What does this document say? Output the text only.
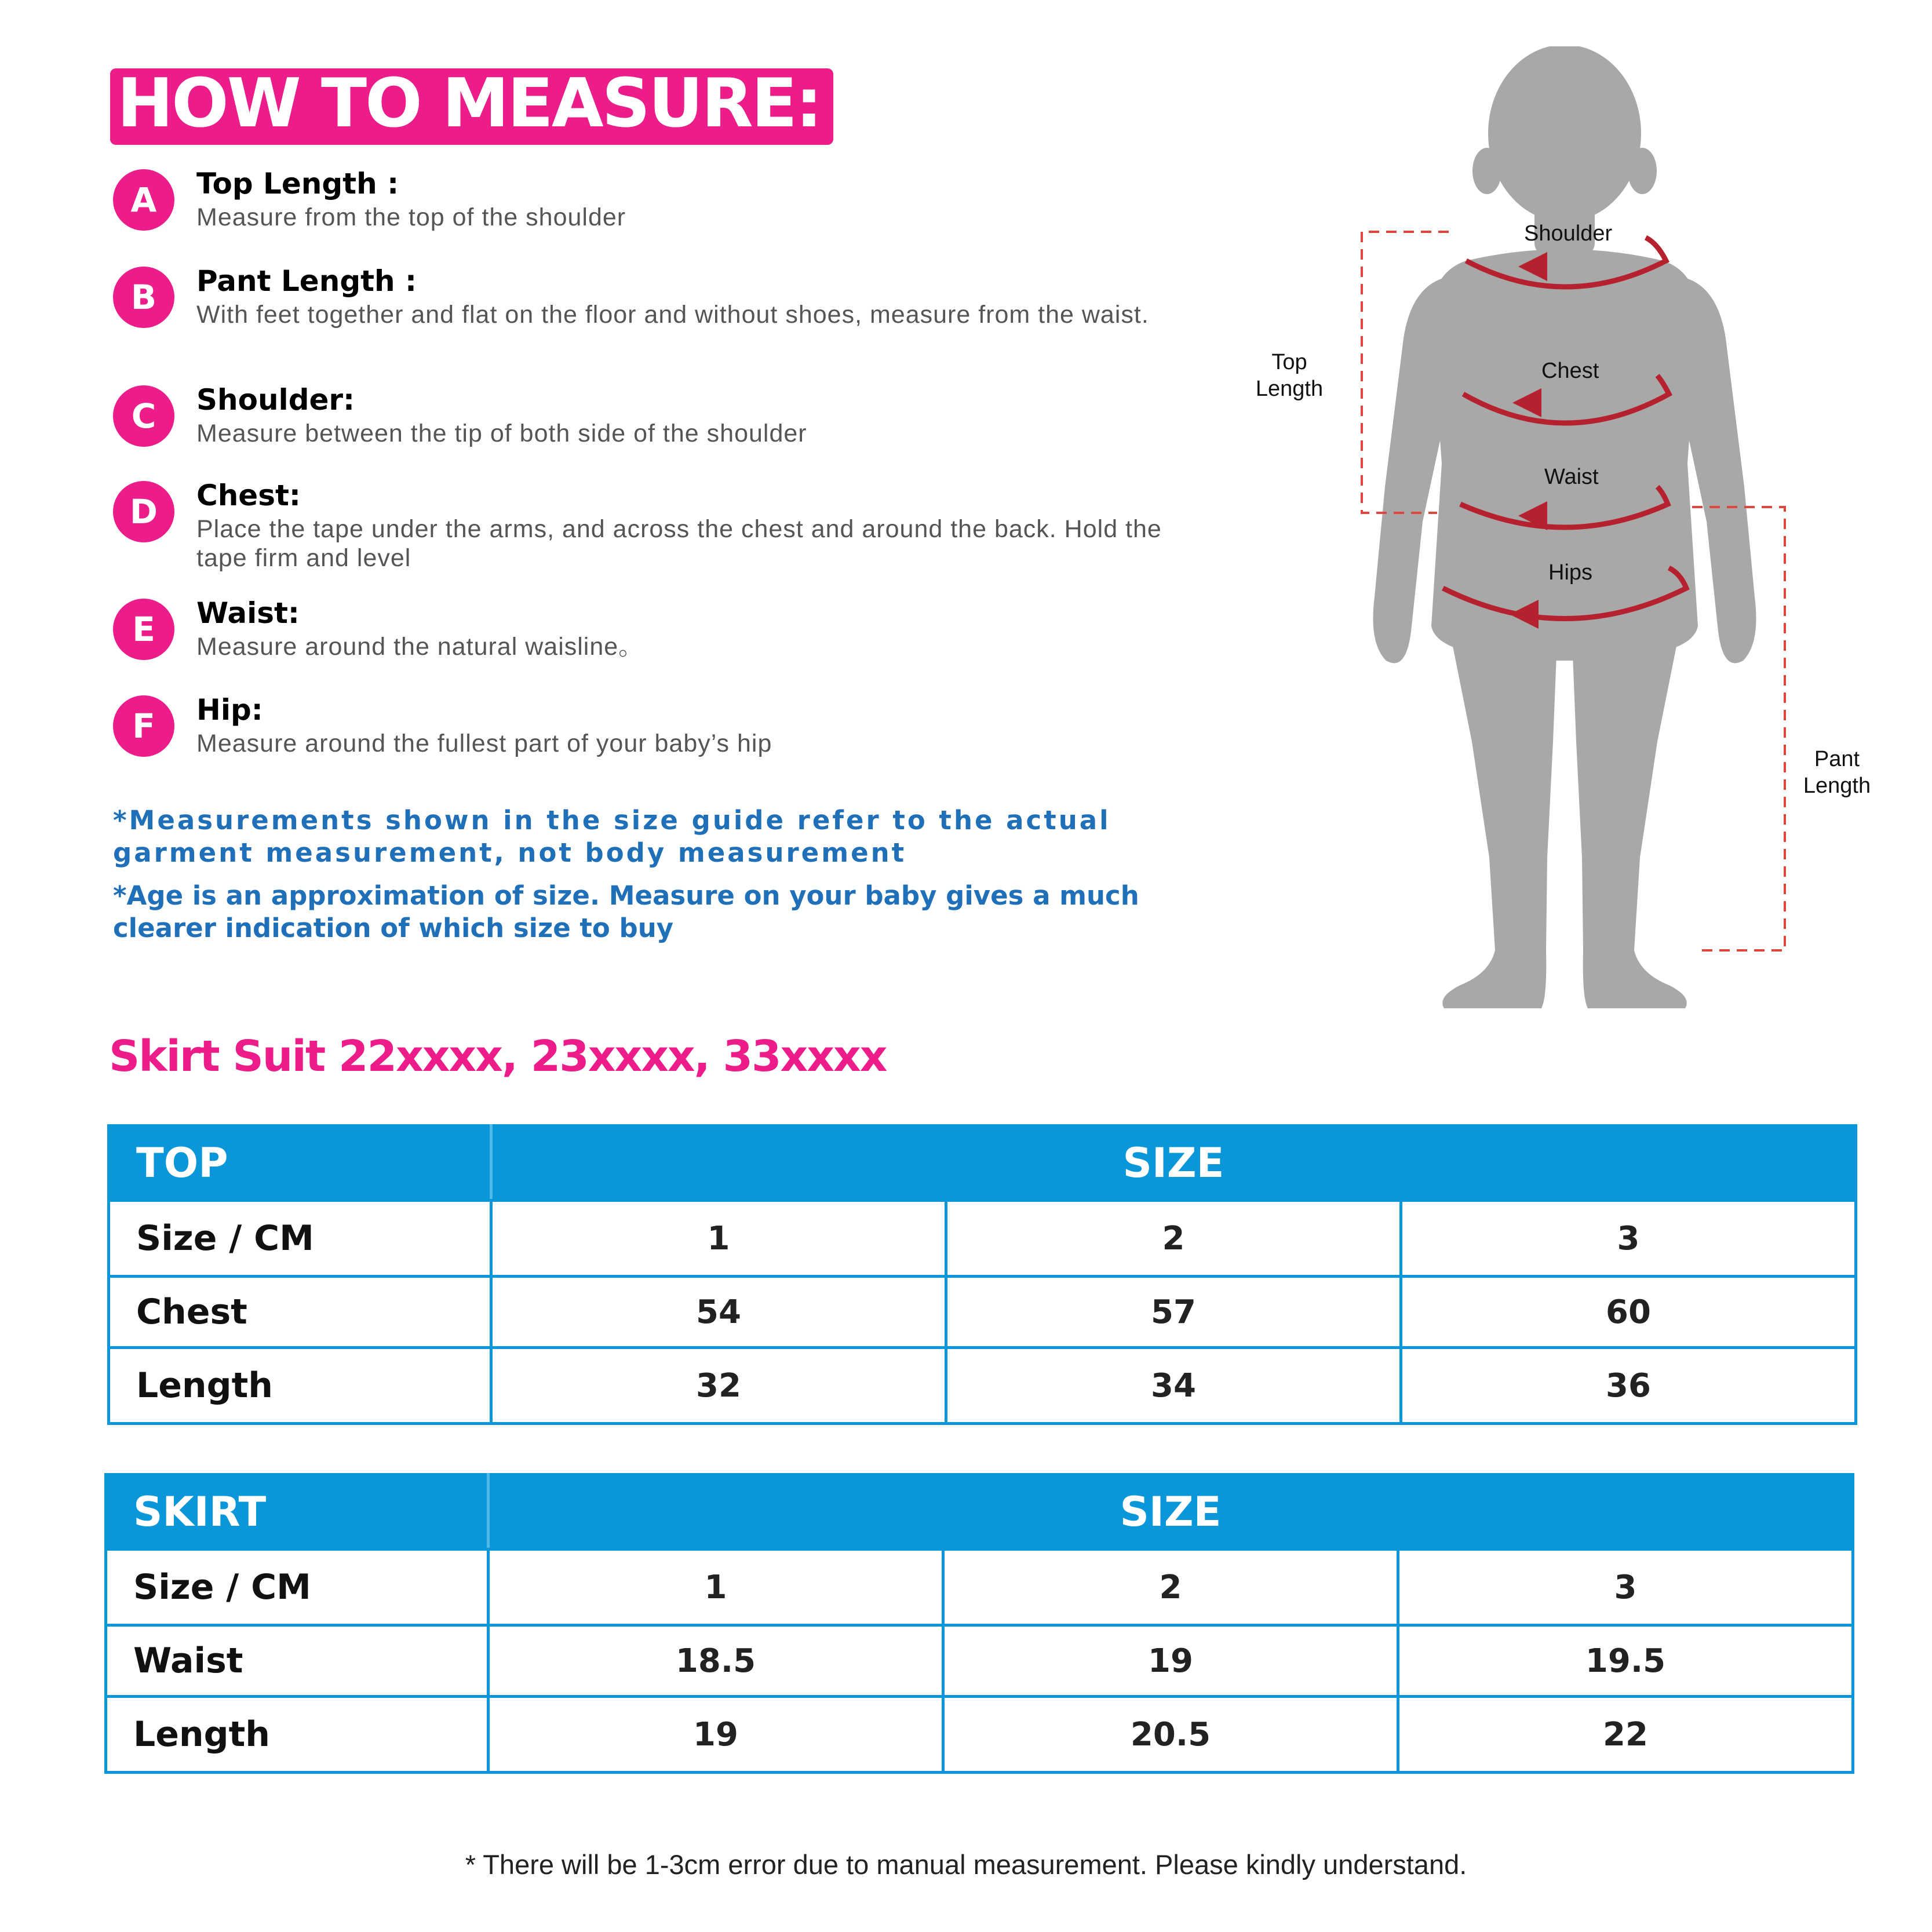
HOW TO MEASURE:
A	Top Length :
Measure from the top of the shoulder
B	Pant Length :
With feet together and flat on the floor and without shoes, measure from the waist.
C	Shoulder:
Measure between the tip of both side of the shoulder
D	Chest:
Place the tape under the arms, and across the chest and around the back. Hold the tape firm and level
E	Waist:
Measure around the natural waisline。
F	Hip:
Measure around the fullest part of your baby’s hip
*Measurements shown in the size guide refer to the actual garment measurement, not body measurement
*Age is an approximation of size. Measure on your baby gives a much clearer indication of which size to buy
Shoulder
Chest
Waist
Hips
Top Length
Pant Length
Skirt Suit 22xxxx, 23xxxx, 33xxxx
TOP	SIZE		
Size / CM	1	2	3
Chest	54	57	60
Length	32	34	36
SKIRT	SIZE		
Size / CM	1	2	3
Waist	18.5	19	19.5
Length	19	20.5	22
* There will be 1-3cm error due to manual measurement. Please kindly understand.
